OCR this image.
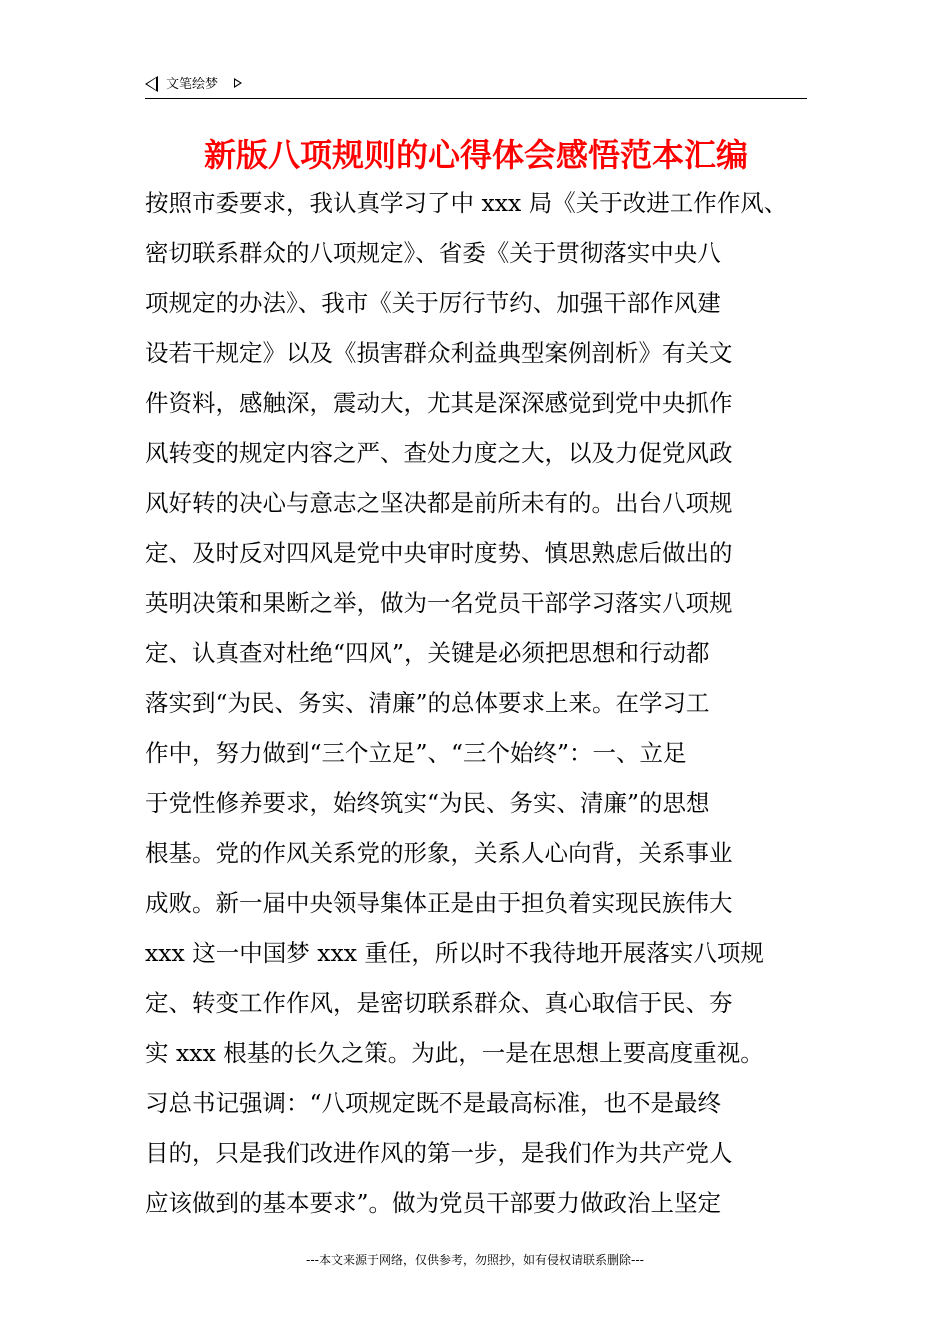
文笔绘梦
新版八项规则的心得体会感悟范本汇编
按照市委要求，我认真学习了中 xxx 局《关于改进工作作风、
密切联系群众的八项规定》、省委《关于贯彻落实中央八
项规定的办法》、我市《关于厉行节约、加强干部作风建
设若干规定》以及《损害群众利益典型案例剖析》有关文
件资料，感触深，震动大，尤其是深深感觉到党中央抓作
风转变的规定内容之严、查处力度之大，以及力促党风政
风好转的决心与意志之坚决都是前所未有的。出台八项规
定、及时反对四风是党中央审时度势、慎思熟虑后做出的
英明决策和果断之举，做为一名党员干部学习落实八项规
定、认真查对杜绝“四风”，关键是必须把思想和行动都
落实到“为民、务实、清廉”的总体要求上来。在学习工
作中，努力做到“三个立足”、“三个始终”：一、立足
于党性修养要求，始终筑实“为民、务实、清廉”的思想
根基。党的作风关系党的形象，关系人心向背，关系事业
成败。新一届中央领导集体正是由于担负着实现民族伟大
xxx 这一中国梦 xxx 重任，所以时不我待地开展落实八项规
定、转变工作作风，是密切联系群众、真心取信于民、夯
实 xxx 根基的长久之策。为此，一是在思想上要高度重视。
习总书记强调：“八项规定既不是最高标准，也不是最终
目的，只是我们改进作风的第一步，是我们作为共产党人
应该做到的基本要求”。做为党员干部要力做政治上坚定
---本文来源于网络，仅供参考，勿照抄，如有侵权请联系删除---
